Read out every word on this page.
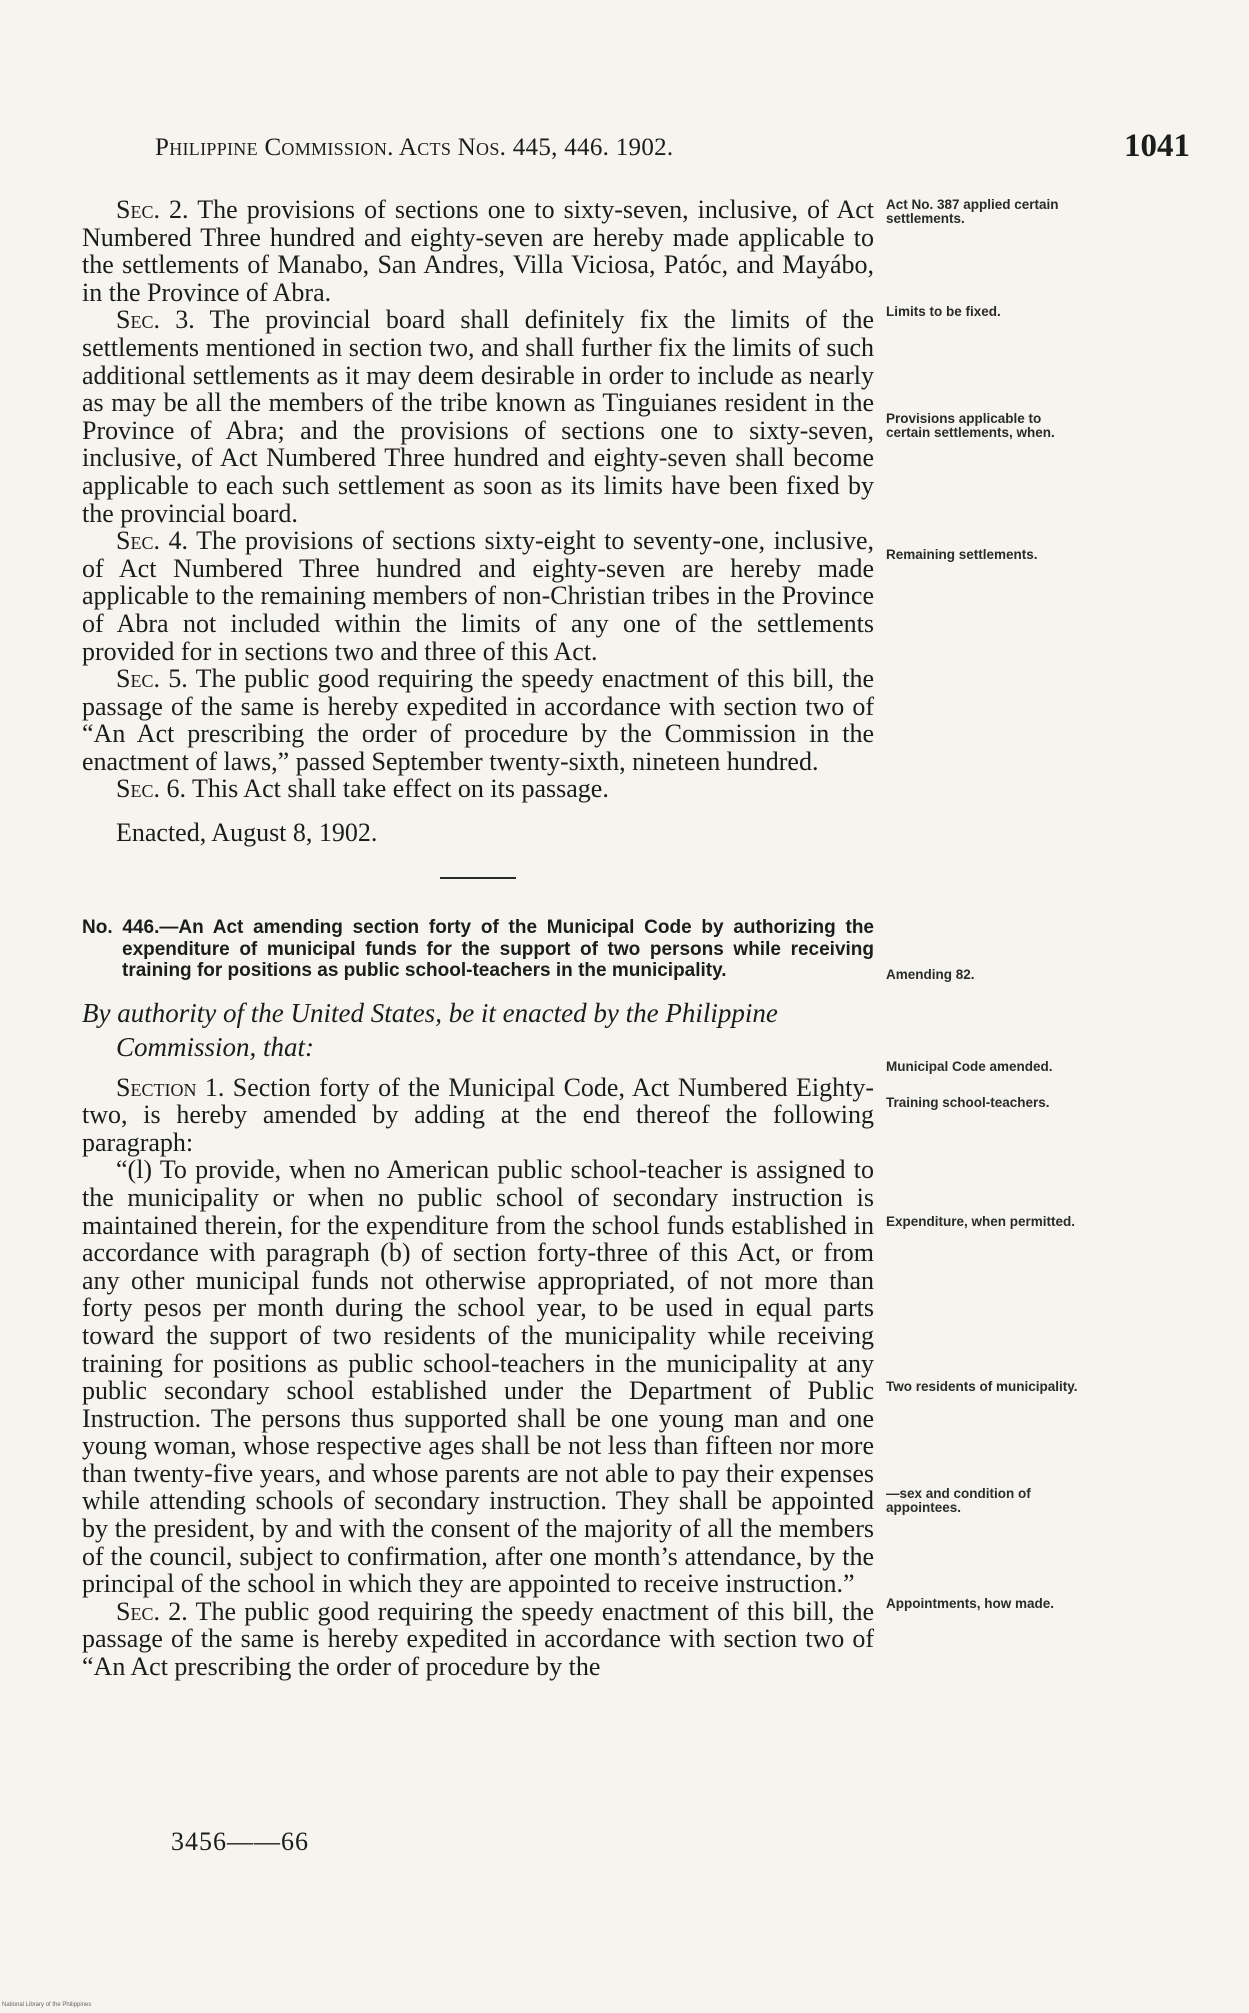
Philippine Commission. Acts Nos. 445, 446. 1902.	1041

Sec. 2. The provisions of sections one to sixty-seven, inclusive, of Act Numbered Three hundred and eighty-seven are hereby made applicable to the settlements of Manabo, San Andres, Villa Viciosa, Patóc, and Mayábo, in the Province of Abra.

Sec. 3. The provincial board shall definitely fix the limits of the settlements mentioned in section two, and shall further fix the limits of such additional settlements as it may deem desirable in order to include as nearly as may be all the members of the tribe known as Tinguianes resident in the Province of Abra; and the provisions of sections one to sixty-seven, inclusive, of Act Numbered Three hundred and eighty-seven shall become applicable to each such settlement as soon as its limits have been fixed by the provincial board.

Sec. 4. The provisions of sections sixty-eight to seventy-one, inclusive, of Act Numbered Three hundred and eighty-seven are hereby made applicable to the remaining members of non-Christian tribes in the Province of Abra not included within the limits of any one of the settlements provided for in sections two and three of this Act.

Sec. 5. The public good requiring the speedy enactment of this bill, the passage of the same is hereby expedited in accordance with section two of “An Act prescribing the order of procedure by the Commission in the enactment of laws,” passed September twenty-sixth, nineteen hundred.

Sec. 6. This Act shall take effect on its passage.

Enacted, August 8, 1902.

No. 446.—An Act amending section forty of the Municipal Code by authorizing the expenditure of municipal funds for the support of two persons while receiving training for positions as public school-teachers in the municipality.

By authority of the United States, be it enacted by the Philippine Commission, that:

Section 1. Section forty of the Municipal Code, Act Numbered Eighty-two, is hereby amended by adding at the end thereof the following paragraph:

“(l) To provide, when no American public school-teacher is assigned to the municipality or when no public school of secondary instruction is maintained therein, for the expenditure from the school funds established in accordance with paragraph (b) of section forty-three of this Act, or from any other municipal funds not otherwise appropriated, of not more than forty pesos per month during the school year, to be used in equal parts toward the support of two residents of the municipality while receiving training for positions as public school-teachers in the municipality at any public secondary school established under the Department of Public Instruction. The persons thus supported shall be one young man and one young woman, whose respective ages shall be not less than fifteen nor more than twenty-five years, and whose parents are not able to pay their expenses while attending schools of secondary instruction. They shall be appointed by the president, by and with the consent of the majority of all the members of the council, subject to confirmation, after one month’s attendance, by the principal of the school in which they are appointed to receive instruction.”

Sec. 2. The public good requiring the speedy enactment of this bill, the passage of the same is hereby expedited in accordance with section two of “An Act prescribing the order of procedure by the

Act No. 387 applied certain settlements.
Limits to be fixed.
Provisions applicable to certain settlements, when.
Remaining settlements.
Amending 82.
Municipal Code amended.
Training school-teachers.
Expenditure, when permitted.
Two residents of municipality.
—sex and condition of appointees.
Appointments, how made.
3456——66
National Library of the Philippines
